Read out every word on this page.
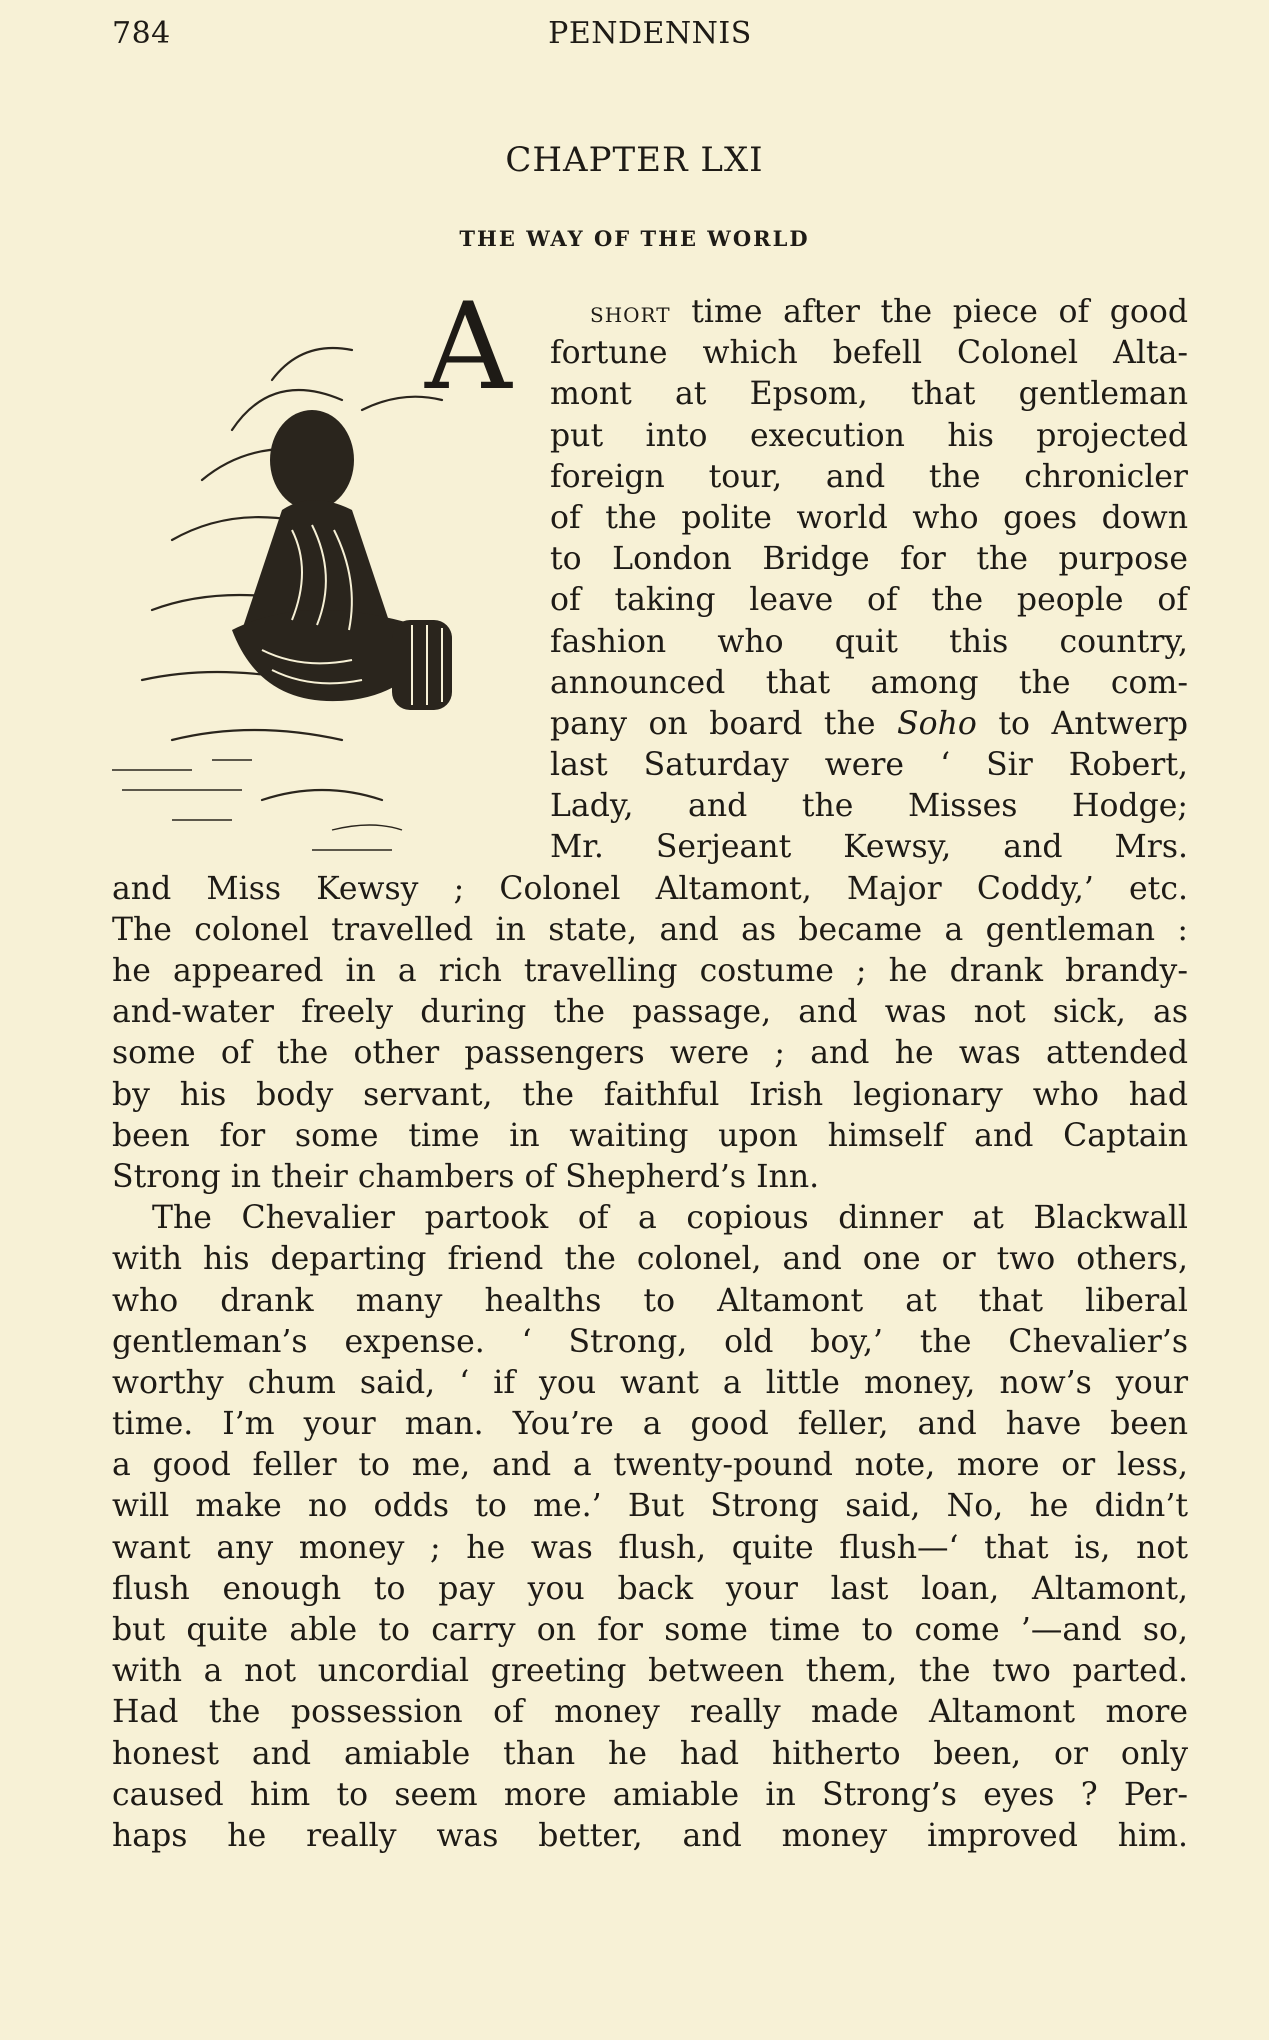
784	PENDENNIS
CHAPTER LXI
THE WAY OF THE WORLD
A	short time after the piece of good
fortune which befell Colonel Alta-
mont at Epsom, that gentleman
put into execution his projected
foreign tour, and the chronicler
of the polite world who goes down
to London Bridge for the purpose
of taking leave of the people of
fashion who quit this country,
announced that among the com-
pany on board the Soho to Antwerp
last Saturday were ‘ Sir Robert,
Lady, and the Misses Hodge;
Mr. Serjeant Kewsy, and Mrs.
and Miss Kewsy ; Colonel Altamont, Major Coddy,’ etc.
The colonel travelled in state, and as became a gentleman :
he appeared in a rich travelling costume ; he drank brandy-
and-water freely during the passage, and was not sick, as
some of the other passengers were ; and he was attended
by his body servant, the faithful Irish legionary who had
been for some time in waiting upon himself and Captain
Strong in their chambers of Shepherd’s Inn.
The Chevalier partook of a copious dinner at Blackwall
with his departing friend the colonel, and one or two others,
who drank many healths to Altamont at that liberal
gentleman’s expense. ‘ Strong, old boy,’ the Chevalier’s
worthy chum said, ‘ if you want a little money, now’s your
time. I’m your man. You’re a good feller, and have been
a good feller to me, and a twenty-pound note, more or less,
will make no odds to me.’ But Strong said, No, he didn’t
want any money ; he was flush, quite flush—‘ that is, not
flush enough to pay you back your last loan, Altamont,
but quite able to carry on for some time to come ’—and so,
with a not uncordial greeting between them, the two parted.
Had the possession of money really made Altamont more
honest and amiable than he had hitherto been, or only
caused him to seem more amiable in Strong’s eyes ? Per-
haps he really was better, and money improved him.
